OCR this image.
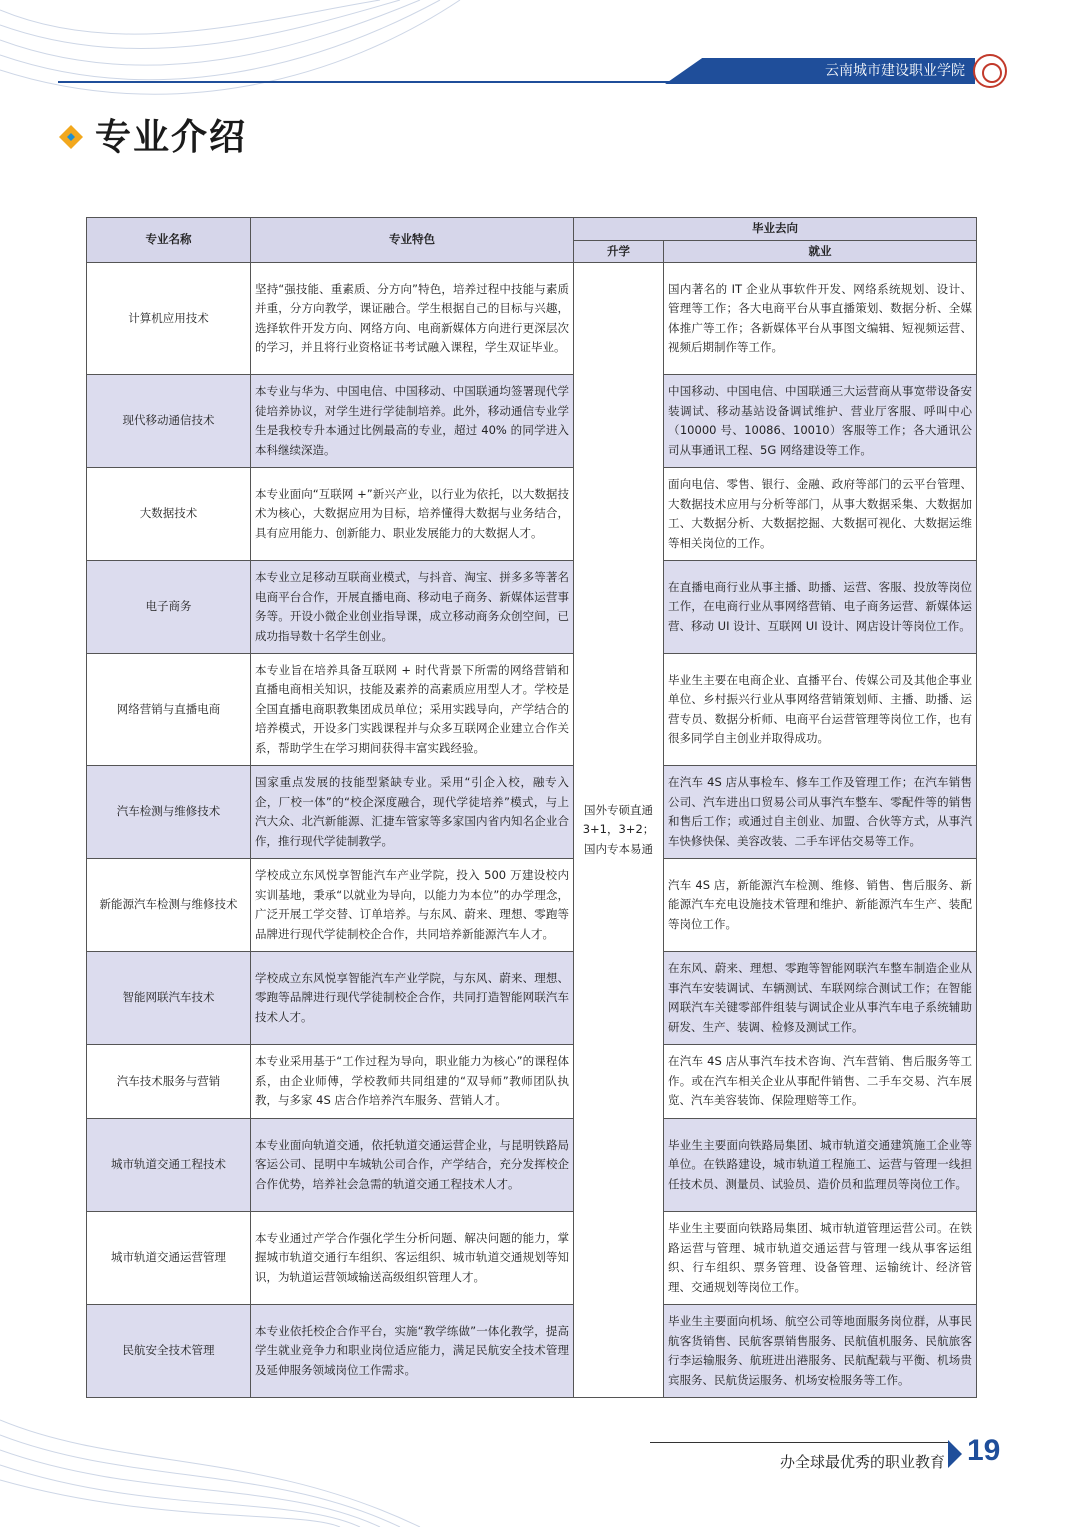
云南城市建设职业学院
专业介绍
专业名称	专业特色	毕业去向	
		升学	就业
计算机应用技术	坚持“强技能、重素质、分方向”特色，培养过程中技能与素质并重，分方向教学，课证融合。学生根据自己的目标与兴趣，选择软件开发方向、网络方向、电商新媒体方向进行更深层次的学习，并且将行业资格证书考试融入课程，学生双证毕业。	国外专硕直通 3+1，3+2；国内专本易通	国内著名的 IT 企业从事软件开发、网络系统规划、设计、管理等工作；各大电商平台从事直播策划、数据分析、全媒体推广等工作；各新媒体平台从事图文编辑、短视频运营、视频后期制作等工作。
现代移动通信技术	本专业与华为、中国电信、中国移动、中国联通均签署现代学徒培养协议，对学生进行学徒制培养。此外，移动通信专业学生是我校专升本通过比例最高的专业，超过 40% 的同学进入本科继续深造。		中国移动、中国电信、中国联通三大运营商从事宽带设备安装调试、移动基站设备调试维护、营业厅客服、呼叫中心（10000 号、10086、10010）客服等工作；各大通讯公司从事通讯工程、5G 网络建设等工作。
大数据技术	本专业面向“互联网 +”新兴产业，以行业为依托，以大数据技术为核心，大数据应用为目标，培养懂得大数据与业务结合，具有应用能力、创新能力、职业发展能力的大数据人才。		面向电信、零售、银行、金融、政府等部门的云平台管理、大数据技术应用与分析等部门，从事大数据采集、大数据加工、大数据分析、大数据挖掘、大数据可视化、大数据运维等相关岗位的工作。
电子商务	本专业立足移动互联商业模式，与抖音、淘宝、拼多多等著名电商平台合作，开展直播电商、移动电子商务、新媒体运营事务等。开设小微企业创业指导课，成立移动商务众创空间，已成功指导数十名学生创业。		在直播电商行业从事主播、助播、运营、客服、投放等岗位工作，在电商行业从事网络营销、电子商务运营、新媒体运营、移动 UI 设计、互联网 UI 设计、网店设计等岗位工作。
网络营销与直播电商	本专业旨在培养具备互联网 + 时代背景下所需的网络营销和直播电商相关知识，技能及素养的高素质应用型人才。学校是全国直播电商职教集团成员单位；采用实践导向，产学结合的培养模式，开设多门实践课程并与众多互联网企业建立合作关系，帮助学生在学习期间获得丰富实践经验。		毕业生主要在电商企业、直播平台、传媒公司及其他企事业单位、乡村振兴行业从事网络营销策划师、主播、助播、运营专员、数据分析师、电商平台运营管理等岗位工作，也有很多同学自主创业并取得成功。
汽车检测与维修技术	国家重点发展的技能型紧缺专业。采用“引企入校，融专入企，厂校一体”的“校企深度融合，现代学徒培养”模式，与上汽大众、北汽新能源、汇捷车管家等多家国内省内知名企业合作，推行现代学徒制教学。		在汽车 4S 店从事检车、修车工作及管理工作；在汽车销售公司、汽车进出口贸易公司从事汽车整车、零配件等的销售和售后工作；或通过自主创业、加盟、合伙等方式，从事汽车快修快保、美容改装、二手车评估交易等工作。
新能源汽车检测与维修技术	学校成立东风悦享智能汽车产业学院，投入 500 万建设校内实训基地，秉承“以就业为导向，以能力为本位”的办学理念，广泛开展工学交替、订单培养。与东风、蔚来、理想、零跑等品牌进行现代学徒制校企合作，共同培养新能源汽车人才。		汽车 4S 店，新能源汽车检测、维修、销售、售后服务、新能源汽车充电设施技术管理和维护、新能源汽车生产、装配等岗位工作。
智能网联汽车技术	学校成立东风悦享智能汽车产业学院，与东风、蔚来、理想、零跑等品牌进行现代学徒制校企合作，共同打造智能网联汽车技术人才。		在东风、蔚来、理想、零跑等智能网联汽车整车制造企业从事汽车安装调试、车辆测试、车联网综合测试工作；在智能网联汽车关键零部件组装与调试企业从事汽车电子系统辅助研发、生产、装调、检修及测试工作。
汽车技术服务与营销	本专业采用基于“工作过程为导向，职业能力为核心”的课程体系，由企业师傅，学校教师共同组建的“双导师”教师团队执教，与多家 4S 店合作培养汽车服务、营销人才。		在汽车 4S 店从事汽车技术咨询、汽车营销、售后服务等工作。或在汽车相关企业从事配件销售、二手车交易、汽车展览、汽车美容装饰、保险理赔等工作。
城市轨道交通工程技术	本专业面向轨道交通，依托轨道交通运营企业，与昆明铁路局客运公司、昆明中车城轨公司合作，产学结合，充分发挥校企合作优势，培养社会急需的轨道交通工程技术人才。		毕业生主要面向铁路局集团、城市轨道交通建筑施工企业等单位。在铁路建设，城市轨道工程施工、运营与管理一线担任技术员、测量员、试验员、造价员和监理员等岗位工作。
城市轨道交通运营管理	本专业通过产学合作强化学生分析问题、解决问题的能力，掌握城市轨道交通行车组织、客运组织、城市轨道交通规划等知识，为轨道运营领域输送高级组织管理人才。		毕业生主要面向铁路局集团、城市轨道管理运营公司。在铁路运营与管理、城市轨道交通运营与管理一线从事客运组织、行车组织、票务管理、设备管理、运输统计、经济管理、交通规划等岗位工作。
民航安全技术管理	本专业依托校企合作平台，实施“教学练做”一体化教学，提高学生就业竞争力和职业岗位适应能力，满足民航安全技术管理及延伸服务领域岗位工作需求。		毕业生主要面向机场、航空公司等地面服务岗位群，从事民航客货销售、民航客票销售服务、民航值机服务、民航旅客行李运输服务、航班进出港服务、民航配载与平衡、机场贵宾服务、民航货运服务、机场安检服务等工作。
办全球最优秀的职业教育 19
